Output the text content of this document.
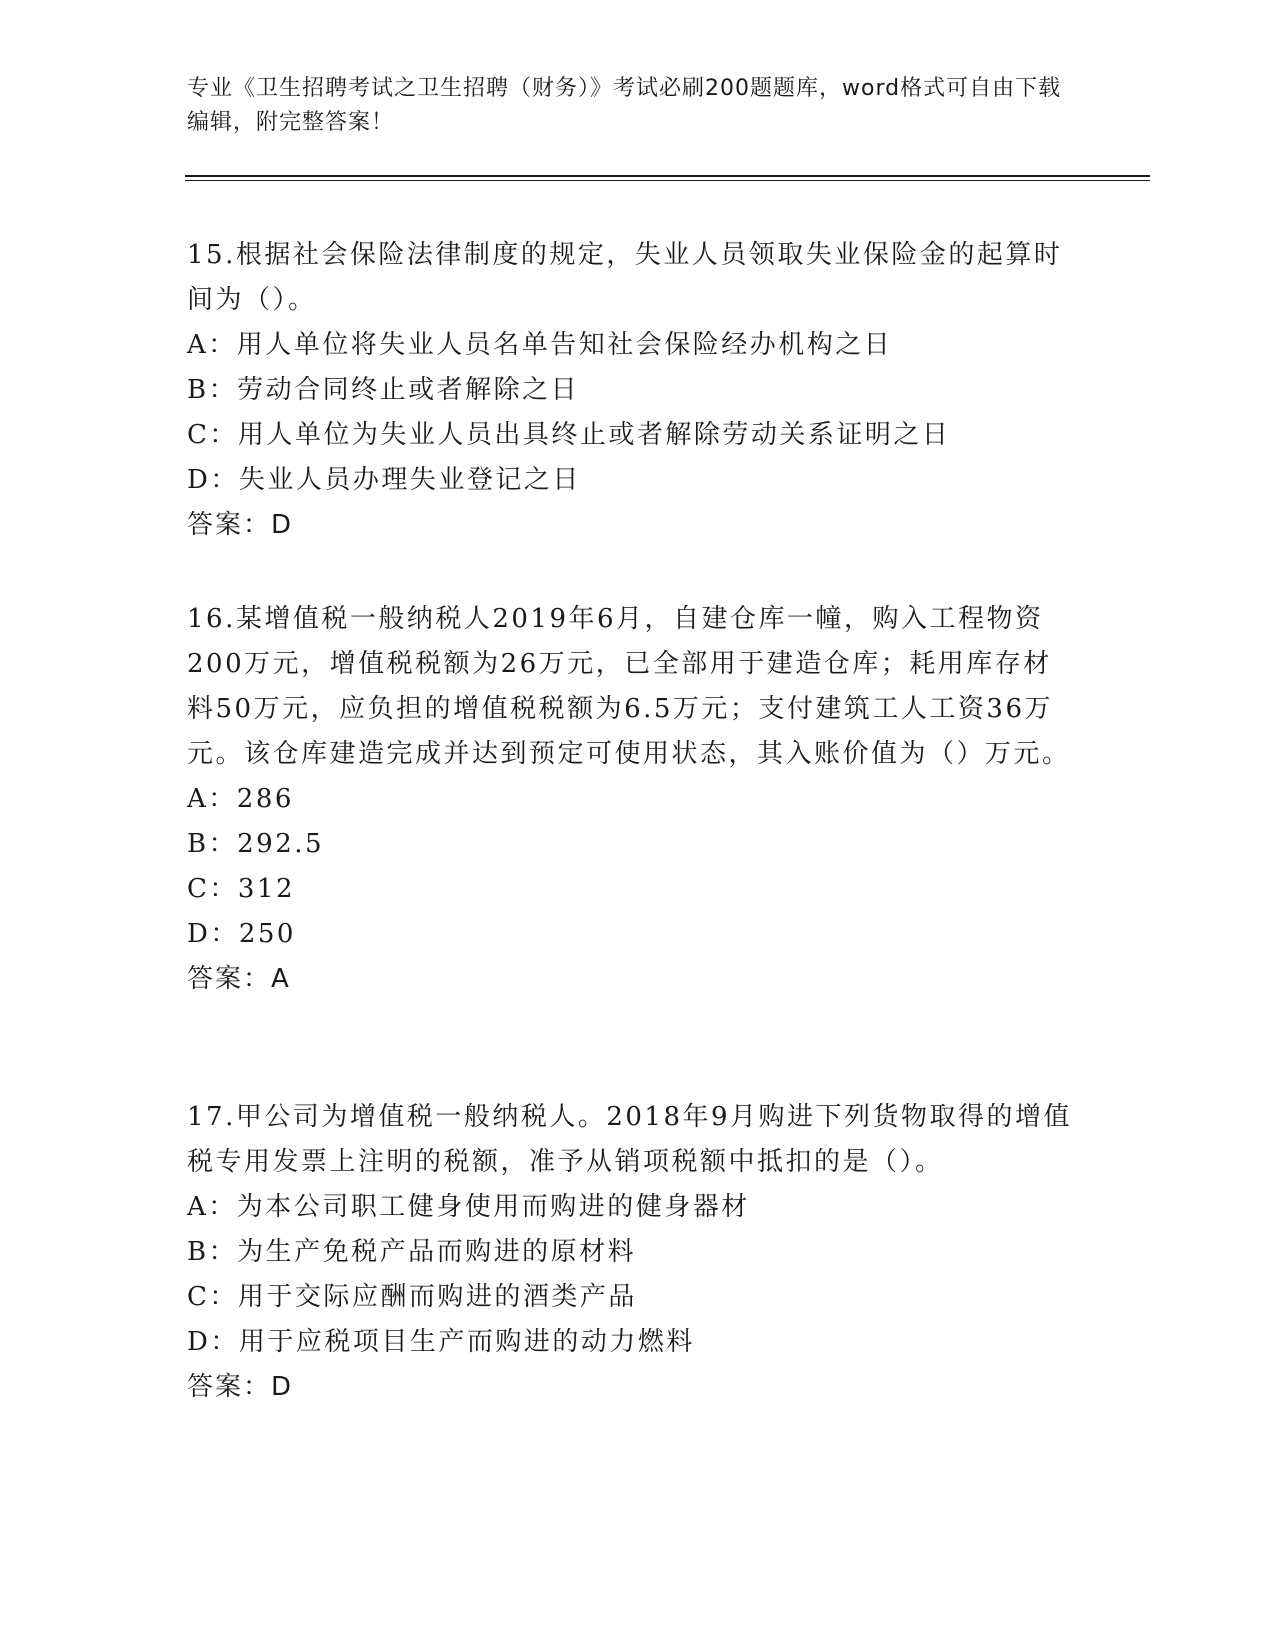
专业《卫生招聘考试之卫生招聘（财务）》考试必刷200题题库，word格式可自由下载编辑，附完整答案！
15.根据社会保险法律制度的规定，失业人员领取失业保险金的起算时间为（）。
A：用人单位将失业人员名单告知社会保险经办机构之日
B：劳动合同终止或者解除之日
C：用人单位为失业人员出具终止或者解除劳动关系证明之日
D：失业人员办理失业登记之日
答案：D
16.某增值税一般纳税人2019年6月，自建仓库一幢，购入工程物资200万元，增值税税额为26万元，已全部用于建造仓库；耗用库存材料50万元，应负担的增值税税额为6.5万元；支付建筑工人工资36万元。该仓库建造完成并达到预定可使用状态，其入账价值为（）万元。
A：286
B：292.5
C：312
D：250
答案：A
17.甲公司为增值税一般纳税人。2018年9月购进下列货物取得的增值税专用发票上注明的税额，准予从销项税额中抵扣的是（）。
A：为本公司职工健身使用而购进的健身器材
B：为生产免税产品而购进的原材料
C：用于交际应酬而购进的酒类产品
D：用于应税项目生产而购进的动力燃料
答案：D
